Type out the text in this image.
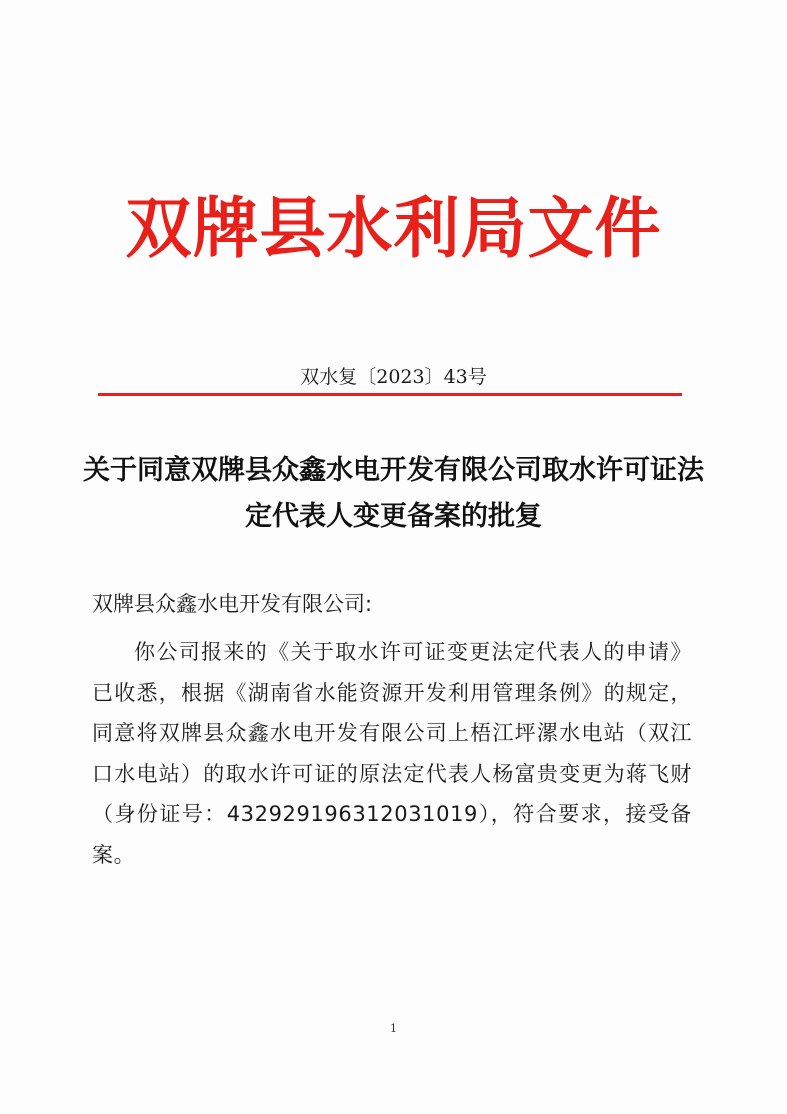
双牌县水利局文件
双水复〔2023〕43号
关于同意双牌县众鑫水电开发有限公司取水许可证法定代表人变更备案的批复
双牌县众鑫水电开发有限公司:
你公司报来的《关于取水许可证变更法定代表人的申请》已收悉，根据《湖南省水能资源开发利用管理条例》的规定，同意将双牌县众鑫水电开发有限公司上梧江坪漯水电站（双江口水电站）的取水许可证的原法定代表人杨富贵变更为蒋飞财（身份证号：432929196312031019），符合要求，接受备案。
1
